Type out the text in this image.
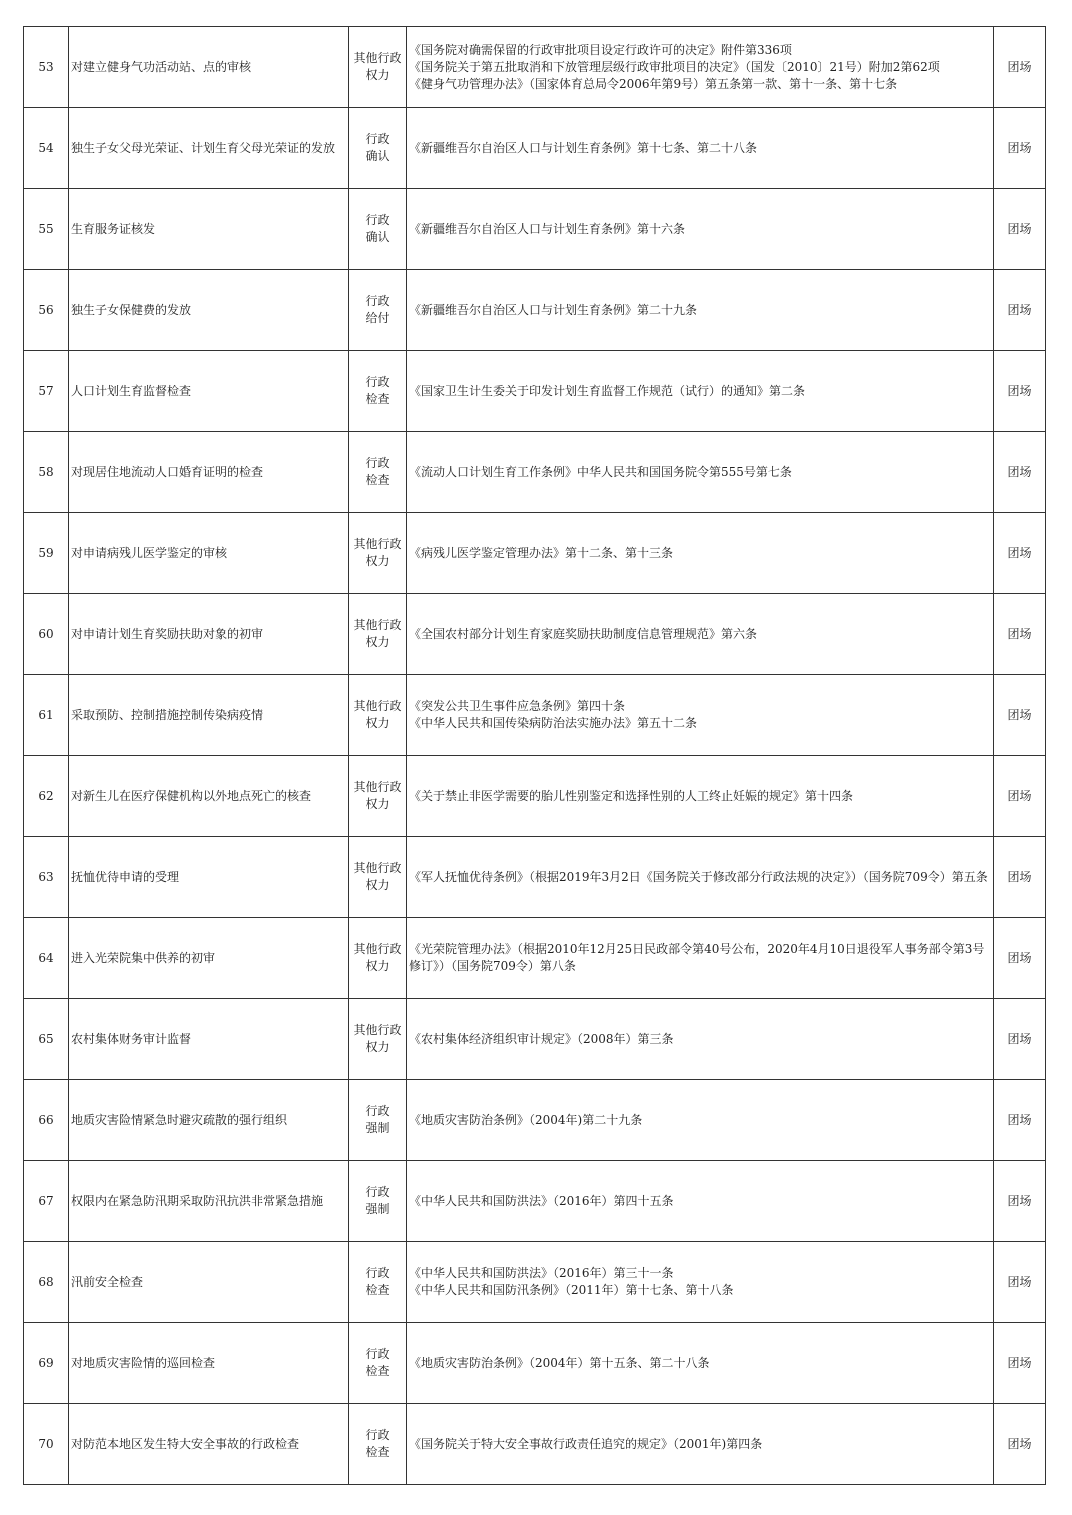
53	对建立健身气功活动站、点的审核	其他行政
权力	《国务院对确需保留的行政审批项目设定行政许可的决定》附件第336项
《国务院关于第五批取消和下放管理层级行政审批项目的决定》（国发〔2010〕21号）附加2第62项
《健身气功管理办法》（国家体育总局令2006年第9号）第五条第一款、第十一条、第十七条	团场
54	独生子女父母光荣证、计划生育父母光荣证的发放	行政
确认	《新疆维吾尔自治区人口与计划生育条例》第十七条、第二十八条	团场
55	生育服务证核发	行政
确认	《新疆维吾尔自治区人口与计划生育条例》第十六条	团场
56	独生子女保健费的发放	行政
给付	《新疆维吾尔自治区人口与计划生育条例》第二十九条	团场
57	人口计划生育监督检查	行政
检查	《国家卫生计生委关于印发计划生育监督工作规范（试行）的通知》第二条	团场
58	对现居住地流动人口婚育证明的检查	行政
检查	《流动人口计划生育工作条例》中华人民共和国国务院令第555号第七条	团场
59	对申请病残儿医学鉴定的审核	其他行政
权力	《病残儿医学鉴定管理办法》第十二条、第十三条	团场
60	对申请计划生育奖励扶助对象的初审	其他行政
权力	《全国农村部分计划生育家庭奖励扶助制度信息管理规范》第六条	团场
61	采取预防、控制措施控制传染病疫情	其他行政
权力	《突发公共卫生事件应急条例》第四十条
《中华人民共和国传染病防治法实施办法》第五十二条	团场
62	对新生儿在医疗保健机构以外地点死亡的核查	其他行政
权力	《关于禁止非医学需要的胎儿性别鉴定和选择性别的人工终止妊娠的规定》第十四条	团场
63	抚恤优待申请的受理	其他行政
权力	《军人抚恤优待条例》（根据2019年3月2日《国务院关于修改部分行政法规的决定》）（国务院709令）第五条	团场
64	进入光荣院集中供养的初审	其他行政
权力	《光荣院管理办法》（根据2010年12月25日民政部令第40号公布，2020年4月10日退役军人事务部令第3号修订》）（国务院709令）第八条	团场
65	农村集体财务审计监督	其他行政
权力	《农村集体经济组织审计规定》（2008年）第三条	团场
66	地质灾害险情紧急时避灾疏散的强行组织	行政
强制	《地质灾害防治条例》（2004年)第二十九条	团场
67	权限内在紧急防汛期采取防汛抗洪非常紧急措施	行政
强制	《中华人民共和国防洪法》（2016年）第四十五条	团场
68	汛前安全检查	行政
检查	《中华人民共和国防洪法》（2016年）第三十一条
《中华人民共和国防汛条例》（2011年）第十七条、第十八条	团场
69	对地质灾害险情的巡回检查	行政
检查	《地质灾害防治条例》（2004年）第十五条、第二十八条	团场
70	对防范本地区发生特大安全事故的行政检查	行政
检查	《国务院关于特大安全事故行政责任追究的规定》（2001年)第四条	团场
